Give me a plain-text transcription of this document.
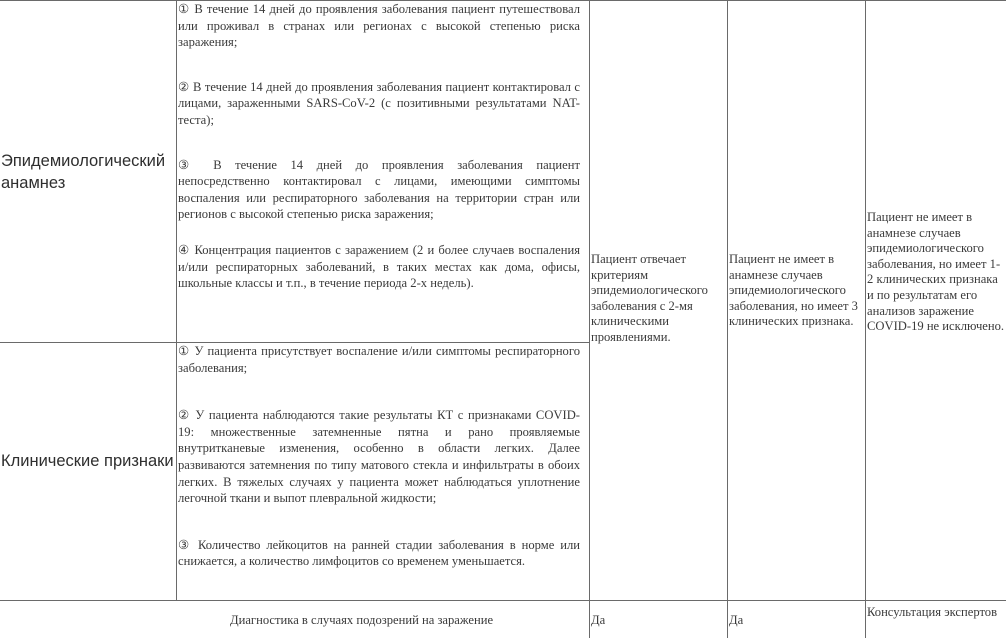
Эпидемиологический анамнез

① В течение 14 дней до проявления заболевания пациент путешествовал или проживал в странах или регионах с высокой степенью риска заражения;

② В течение 14 дней до проявления заболевания пациент контактировал с лицами, зараженными SARS-CoV-2 (с позитивными результатами NAT-теста);

③ В течение 14 дней до проявления заболевания пациент непосредственно контактировал с лицами, имеющими симптомы воспаления или респираторного заболевания на территории стран или регионов с высокой степенью риска заражения;

④ Концентрация пациентов с заражением (2 и более случаев воспаления и/или респираторных заболеваний, в таких местах как дома, офисы, школьные классы и т.п., в течение периода 2-х недель).

Клинические признаки

① У пациента присутствует воспаление и/или симптомы респираторного заболевания;

② У пациента наблюдаются такие результаты КТ с признаками COVID-19: множественные затемненные пятна и рано проявляемые внутритканевые изменения, особенно в области легких. Далее развиваются затемнения по типу матового стекла и инфильтраты в обоих легких. В тяжелых случаях у пациента может наблюдаться уплотнение легочной ткани и выпот плевральной жидкости;

③ Количество лейкоцитов на ранней стадии заболевания в норме или снижается, а количество лимфоцитов со временем уменьшается.

Пациент отвечает критериям эпидемиологического заболевания с 2-мя клиническими проявлениями.
Пациент не имеет в анамнезе случаев эпидемиологического заболевания, но имеет 3 клинических признака.
Пациент не имеет в анамнезе случаев эпидемиологического заболевания, но имеет 1-2 клинических признака и по результатам его анализов заражение COVID-19 не исключено.
Диагностика в случаях подозрений на заражение	Да	Да
Консультация экспертов
